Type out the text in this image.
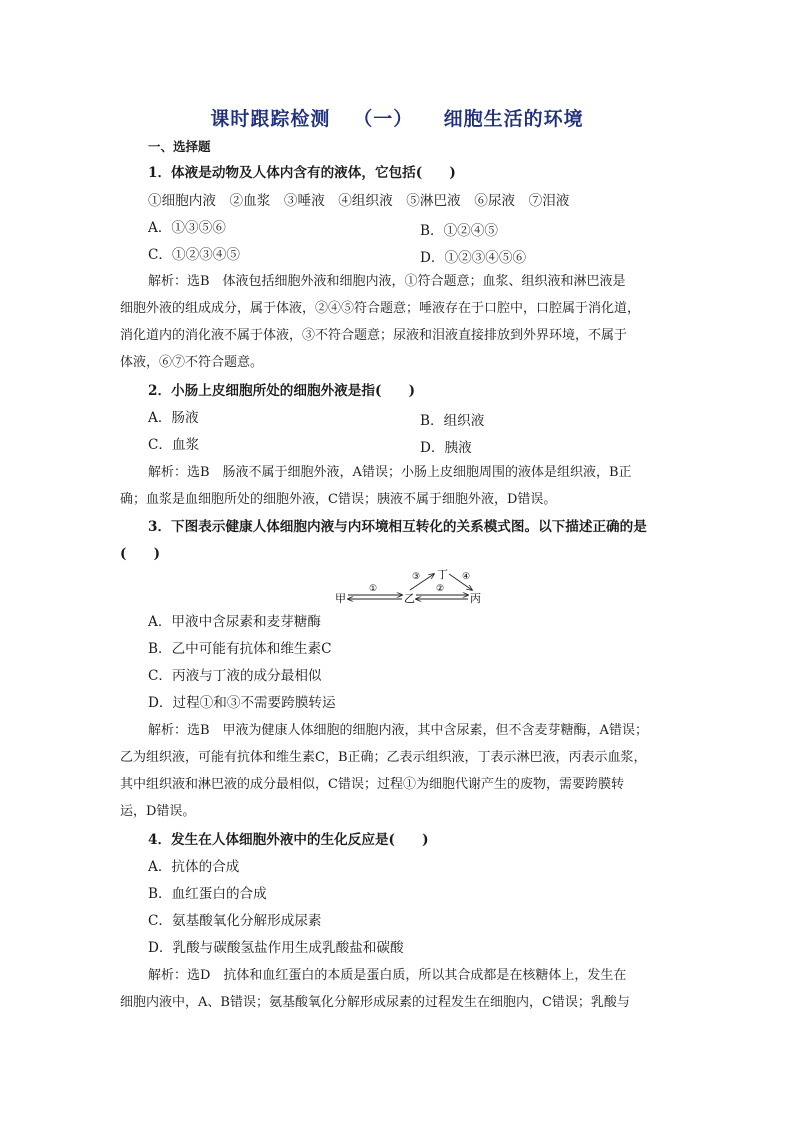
课时跟踪检测 （一） 细胞生活的环境
一、选择题
1．体液是动物及人体内含有的液体，它包括(　　)
①细胞内液　②血浆　③唾液　④组织液　⑤淋巴液　⑥尿液　⑦泪液
A．①③⑤⑥	B．①②④⑤
C．①②③④⑤	D．①②③④⑤⑥
解析：选B　体液包括细胞外液和细胞内液，①符合题意；血浆、组织液和淋巴液是
细胞外液的组成成分，属于体液，②④⑤符合题意；唾液存在于口腔中，口腔属于消化道，
消化道内的消化液不属于体液，③不符合题意；尿液和泪液直接排放到外界环境，不属于
体液，⑥⑦不符合题意。
2．小肠上皮细胞所处的细胞外液是指(　　)
A．肠液	B．组织液
C．血浆	D．胰液
解析：选B　肠液不属于细胞外液，A错误；小肠上皮细胞周围的液体是组织液，B正
确；血浆是血细胞所处的细胞外液，C错误；胰液不属于细胞外液，D错误。
3．下图表示健康人体细胞内液与内环境相互转化的关系模式图。以下描述正确的是
(　　)
甲	乙	丙
丁
①	②
③	④
A．甲液中含尿素和麦芽糖酶
B．乙中可能有抗体和维生素C
C．丙液与丁液的成分最相似
D．过程①和③不需要跨膜转运
解析：选B　甲液为健康人体细胞的细胞内液，其中含尿素，但不含麦芽糖酶，A错误；
乙为组织液，可能有抗体和维生素C，B正确；乙表示组织液，丁表示淋巴液，丙表示血浆，
其中组织液和淋巴液的成分最相似，C错误；过程①为细胞代谢产生的废物，需要跨膜转
运，D错误。
4．发生在人体细胞外液中的生化反应是(　　)
A．抗体的合成
B．血红蛋白的合成
C．氨基酸氧化分解形成尿素
D．乳酸与碳酸氢盐作用生成乳酸盐和碳酸
解析：选D　抗体和血红蛋白的本质是蛋白质，所以其合成都是在核糖体上，发生在
细胞内液中，A、B错误；氨基酸氧化分解形成尿素的过程发生在细胞内，C错误；乳酸与
